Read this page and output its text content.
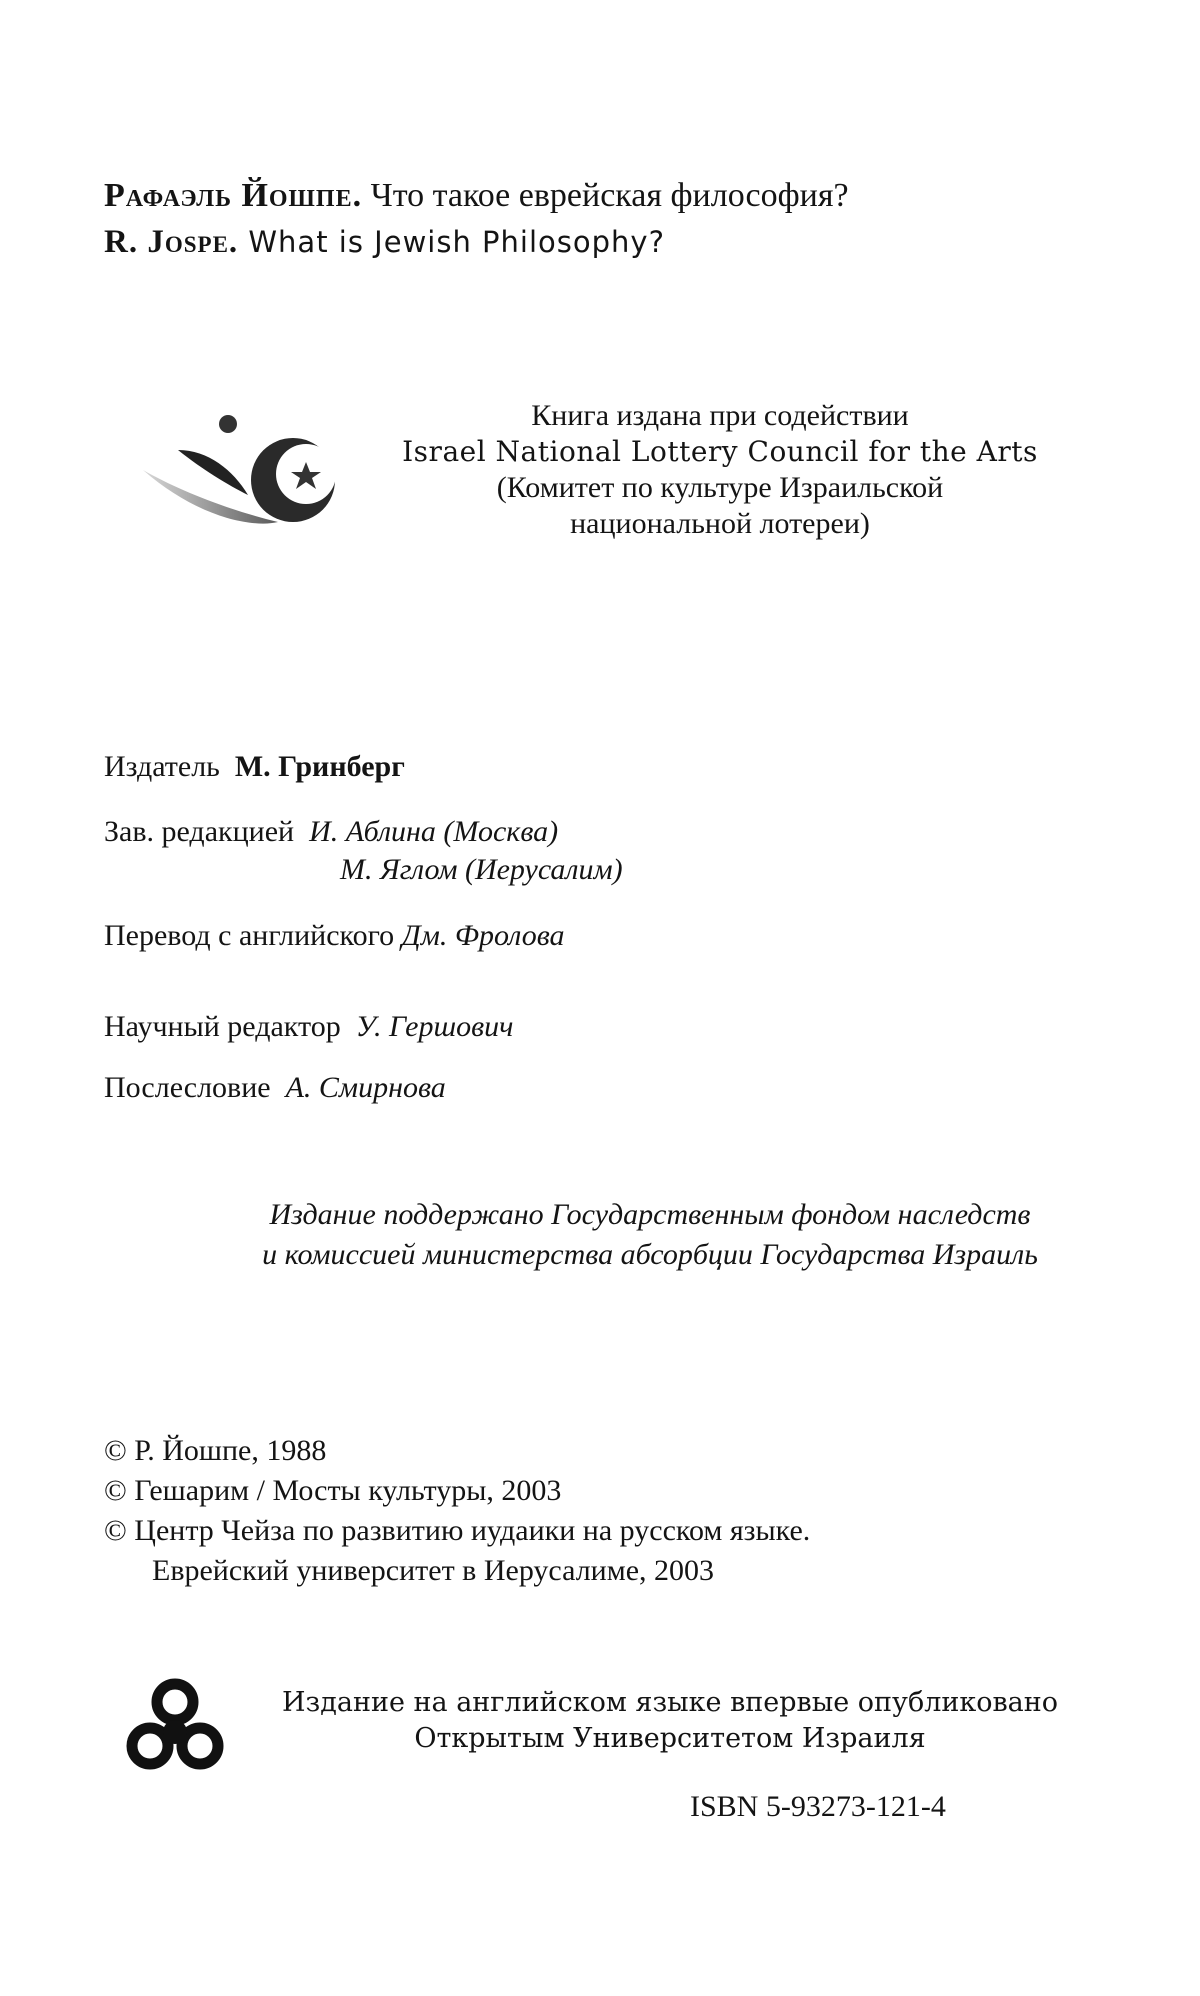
Рафаэль Йошпе. Что такое еврейская философия?
R. Jospe. What is Jewish Philosophy?
Книга издана при содействии
Israel National Lottery Council for the Arts
(Комитет по культуре Израильской
национальной лотереи)
Издатель М. Гринберг
Зав. редакцией И. Аблина (Москва)
М. Яглом (Иерусалим)
Перевод с английского Дм. Фролова
Научный редактор У. Гершович
Послесловие А. Смирнова
Издание поддержано Государственным фондом наследств
и комиссией министерства абсорбции Государства Израиль
© Р. Йошпе, 1988
© Гешарим / Мосты культуры, 2003
© Центр Чейза по развитию иудаики на русском языке.
Еврейский университет в Иерусалиме, 2003
Издание на английском языке впервые опубликовано
Открытым Университетом Израиля
ISBN 5-93273-121-4
